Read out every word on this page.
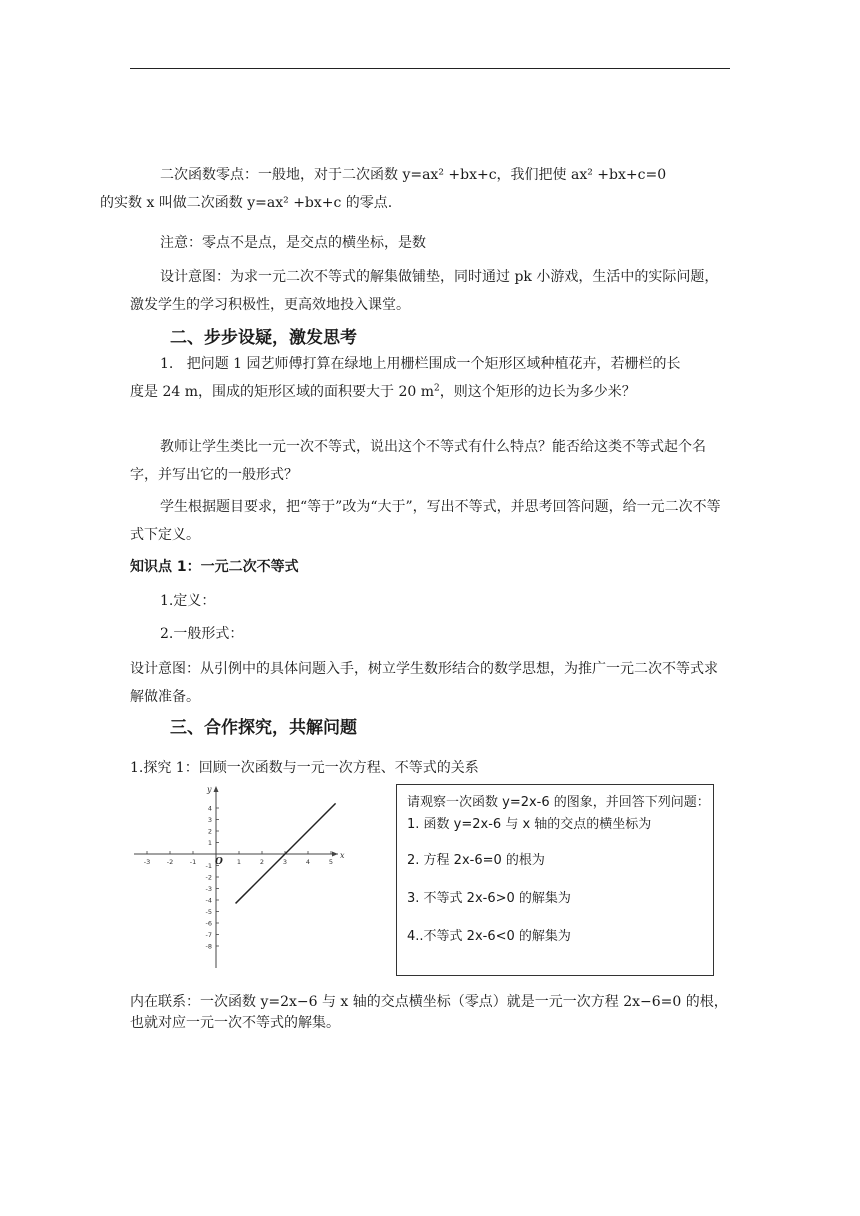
二次函数零点：一般地，对于二次函数 y=ax² +bx+c，我们把使 ax² +bx+c=0
的实数 x 叫做二次函数 y=ax² +bx+c 的零点.

注意：零点不是点，是交点的横坐标，是数

设计意图：为求一元二次不等式的解集做铺垫，同时通过 pk 小游戏，生活中的实际问题，激发学生的学习积极性，更高效地投入课堂。

二、步步设疑，激发思考

1. 把问题 1 园艺师傅打算在绿地上用栅栏围成一个矩形区域种植花卉，若栅栏的长
度是 24 m，围成的矩形区域的面积要大于 20 $m^2$，则这个矩形的边长为多少米？

教师让学生类比一元一次不等式，说出这个不等式有什么特点？能否给这类不等式起个名字，并写出它的一般形式？

学生根据题目要求，把“等于”改为“大于”，写出不等式，并思考回答问题，给一元二次不等式下定义。

知识点 1：一元二次不等式

1.定义：

2.一般形式：

设计意图：从引例中的具体问题入手，树立学生数形结合的数学思想，为推广一元二次不等式求解做准备。

三、合作探究，共解问题

1.探究 1：回顾一次函数与一元一次方程、不等式的关系

-3	-2	-1	1	2	3	4	5
4
3
2
1
-1
-2
-3
-4
-5
-6
-7
-8
x
y
O
请观察一次函数 y=2x-6 的图象，并回答下列问题：
1. 函数 y=2x-6 与 x 轴的交点的横坐标为
2. 方程 2x-6=0 的根为
3. 不等式 2x-6>0 的解集为
4..不等式 2x-6<0 的解集为

内在联系：一次函数 y=2x−6 与 x 轴的交点横坐标（零点）就是一元一次方程 2x−6=0 的根，也就对应一元一次不等式的解集。
